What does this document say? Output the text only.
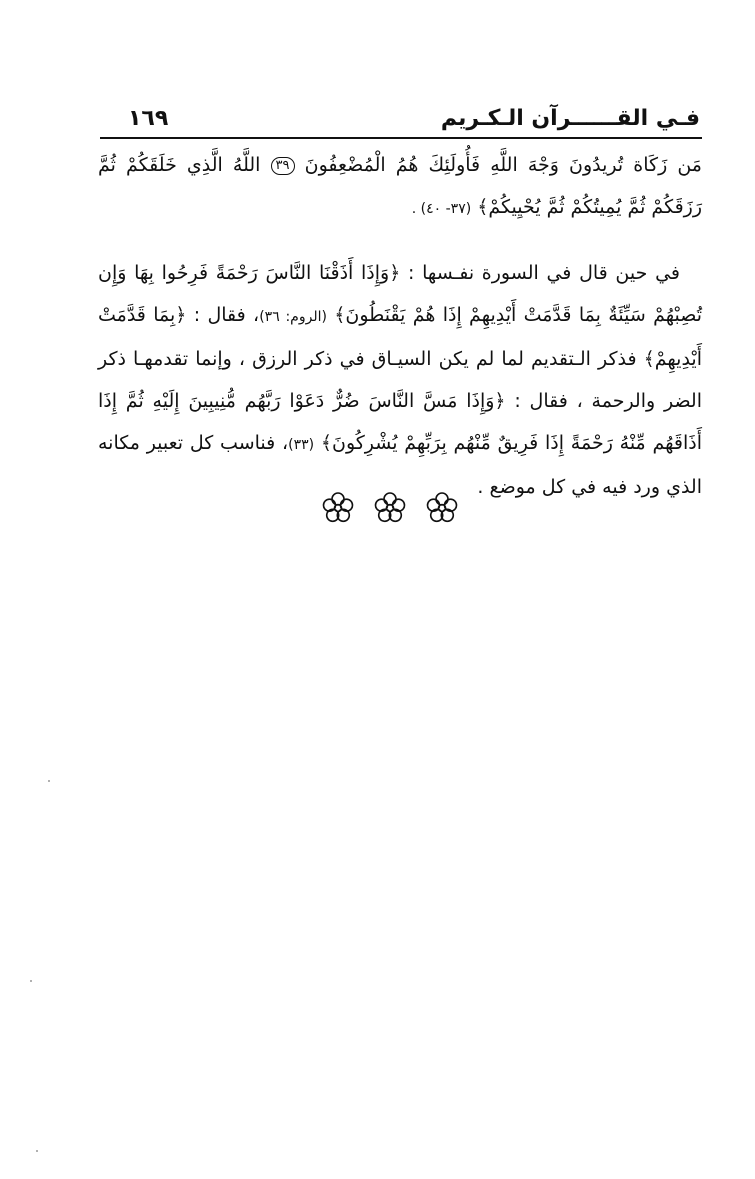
فـي القــــــرآن الـكـريم
١٦٩

مَن زَكَاة تُريدُونَ وَجْهَ اللَّهِ فَأُولَئِكَ هُمُ الْمُضْعِفُونَ ٣٩ اللَّهُ الَّذِي خَلَقَكُمْ ثُمَّ رَزَقَكُمْ ثُمَّ يُمِيتُكُمْ ثُمَّ يُحْيِيكُمْ﴾ (٣٧- ٤٠) .

في حين قال في السورة نفـسها : ﴿وَإِذَا أَذَقْنَا النَّاسَ رَحْمَةً فَرِحُوا بِهَا وَإِن تُصِبْهُمْ سَيِّئَةٌ بِمَا قَدَّمَتْ أَيْدِيهِمْ إِذَا هُمْ يَقْنَطُونَ﴾ (الروم: ٣٦)، فقال : ﴿بِمَا قَدَّمَتْ أَيْدِيهِمْ﴾ فذكر الـتقديم لما لم يكن السيـاق في ذكر الرزق ، وإنما تقدمهـا ذكر الضر والرحمة ، فقال : ﴿وَإِذَا مَسَّ النَّاسَ ضُرٌّ دَعَوْا رَبَّهُم مُّنِيبِينَ إِلَيْهِ ثُمَّ إِذَا أَذَاقَهُم مِّنْهُ رَحْمَةً إِذَا فَرِيقٌ مِّنْهُم بِرَبِّهِمْ يُشْرِكُونَ﴾ (٣٣)، فناسب كل تعبير مكانه الذي ورد فيه في كل موضع .
